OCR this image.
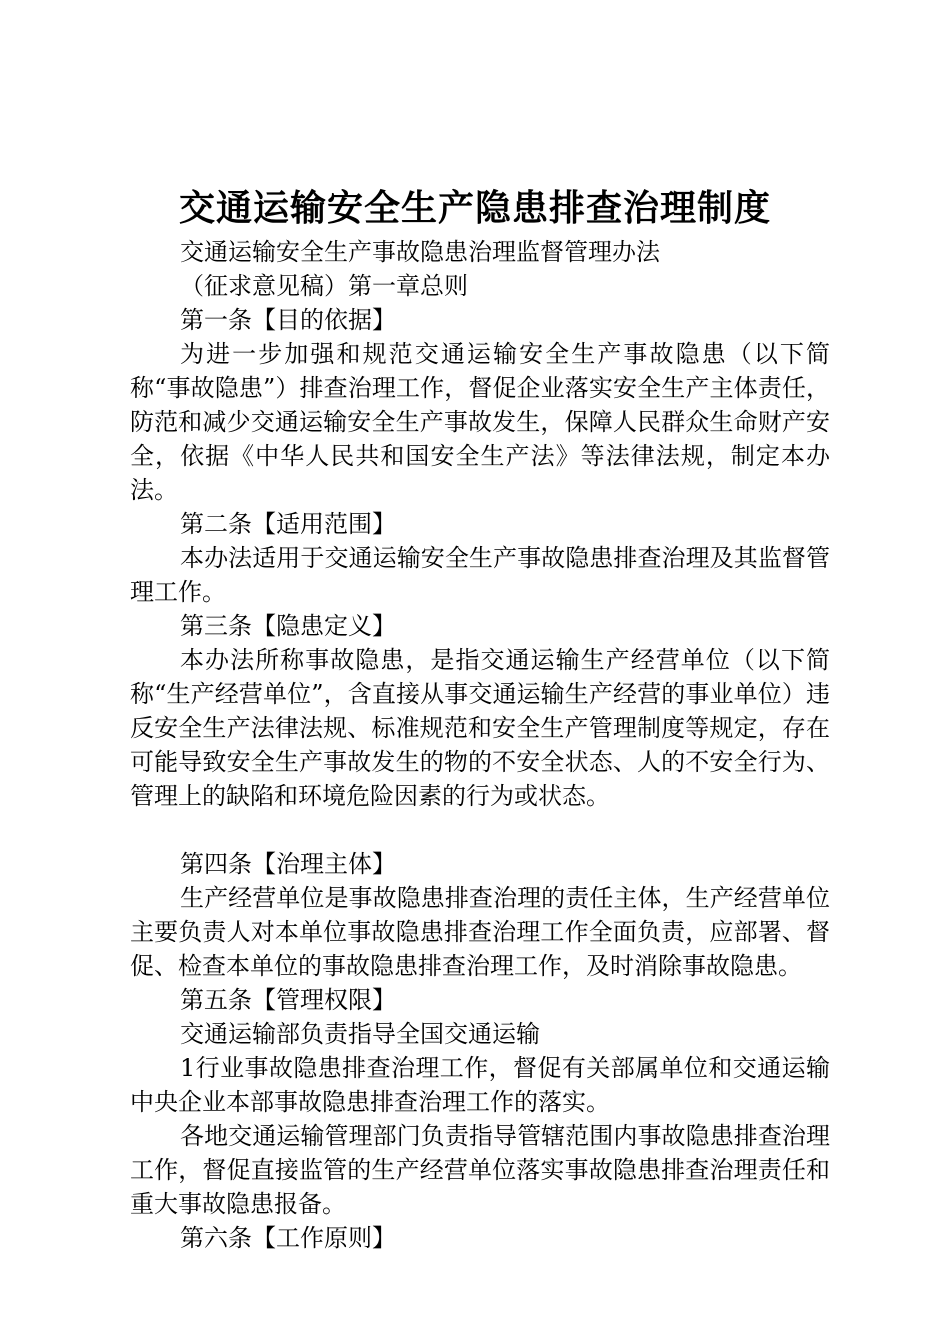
交通运输安全生产隐患排查治理制度

交通运输安全生产事故隐患治理监督管理办法

（征求意见稿）第一章总则

第一条【目的依据】

为进一步加强和规范交通运输安全生产事故隐患（以下简称“事故隐患”）排查治理工作，督促企业落实安全生产主体责任，防范和减少交通运输安全生产事故发生，保障人民群众生命财产安全，依据《中华人民共和国安全生产法》等法律法规，制定本办法。

第二条【适用范围】

本办法适用于交通运输安全生产事故隐患排查治理及其监督管理工作。

第三条【隐患定义】

本办法所称事故隐患，是指交通运输生产经营单位（以下简称“生产经营单位”，含直接从事交通运输生产经营的事业单位）违反安全生产法律法规、标准规范和安全生产管理制度等规定，存在可能导致安全生产事故发生的物的不安全状态、人的不安全行为、管理上的缺陷和环境危险因素的行为或状态。

第四条【治理主体】

生产经营单位是事故隐患排查治理的责任主体，生产经营单位主要负责人对本单位事故隐患排查治理工作全面负责，应部署、督促、检查本单位的事故隐患排查治理工作，及时消除事故隐患。

第五条【管理权限】

交通运输部负责指导全国交通运输

1行业事故隐患排查治理工作，督促有关部属单位和交通运输中央企业本部事故隐患排查治理工作的落实。

各地交通运输管理部门负责指导管辖范围内事故隐患排查治理工作，督促直接监管的生产经营单位落实事故隐患排查治理责任和重大事故隐患报备。

第六条【工作原则】
